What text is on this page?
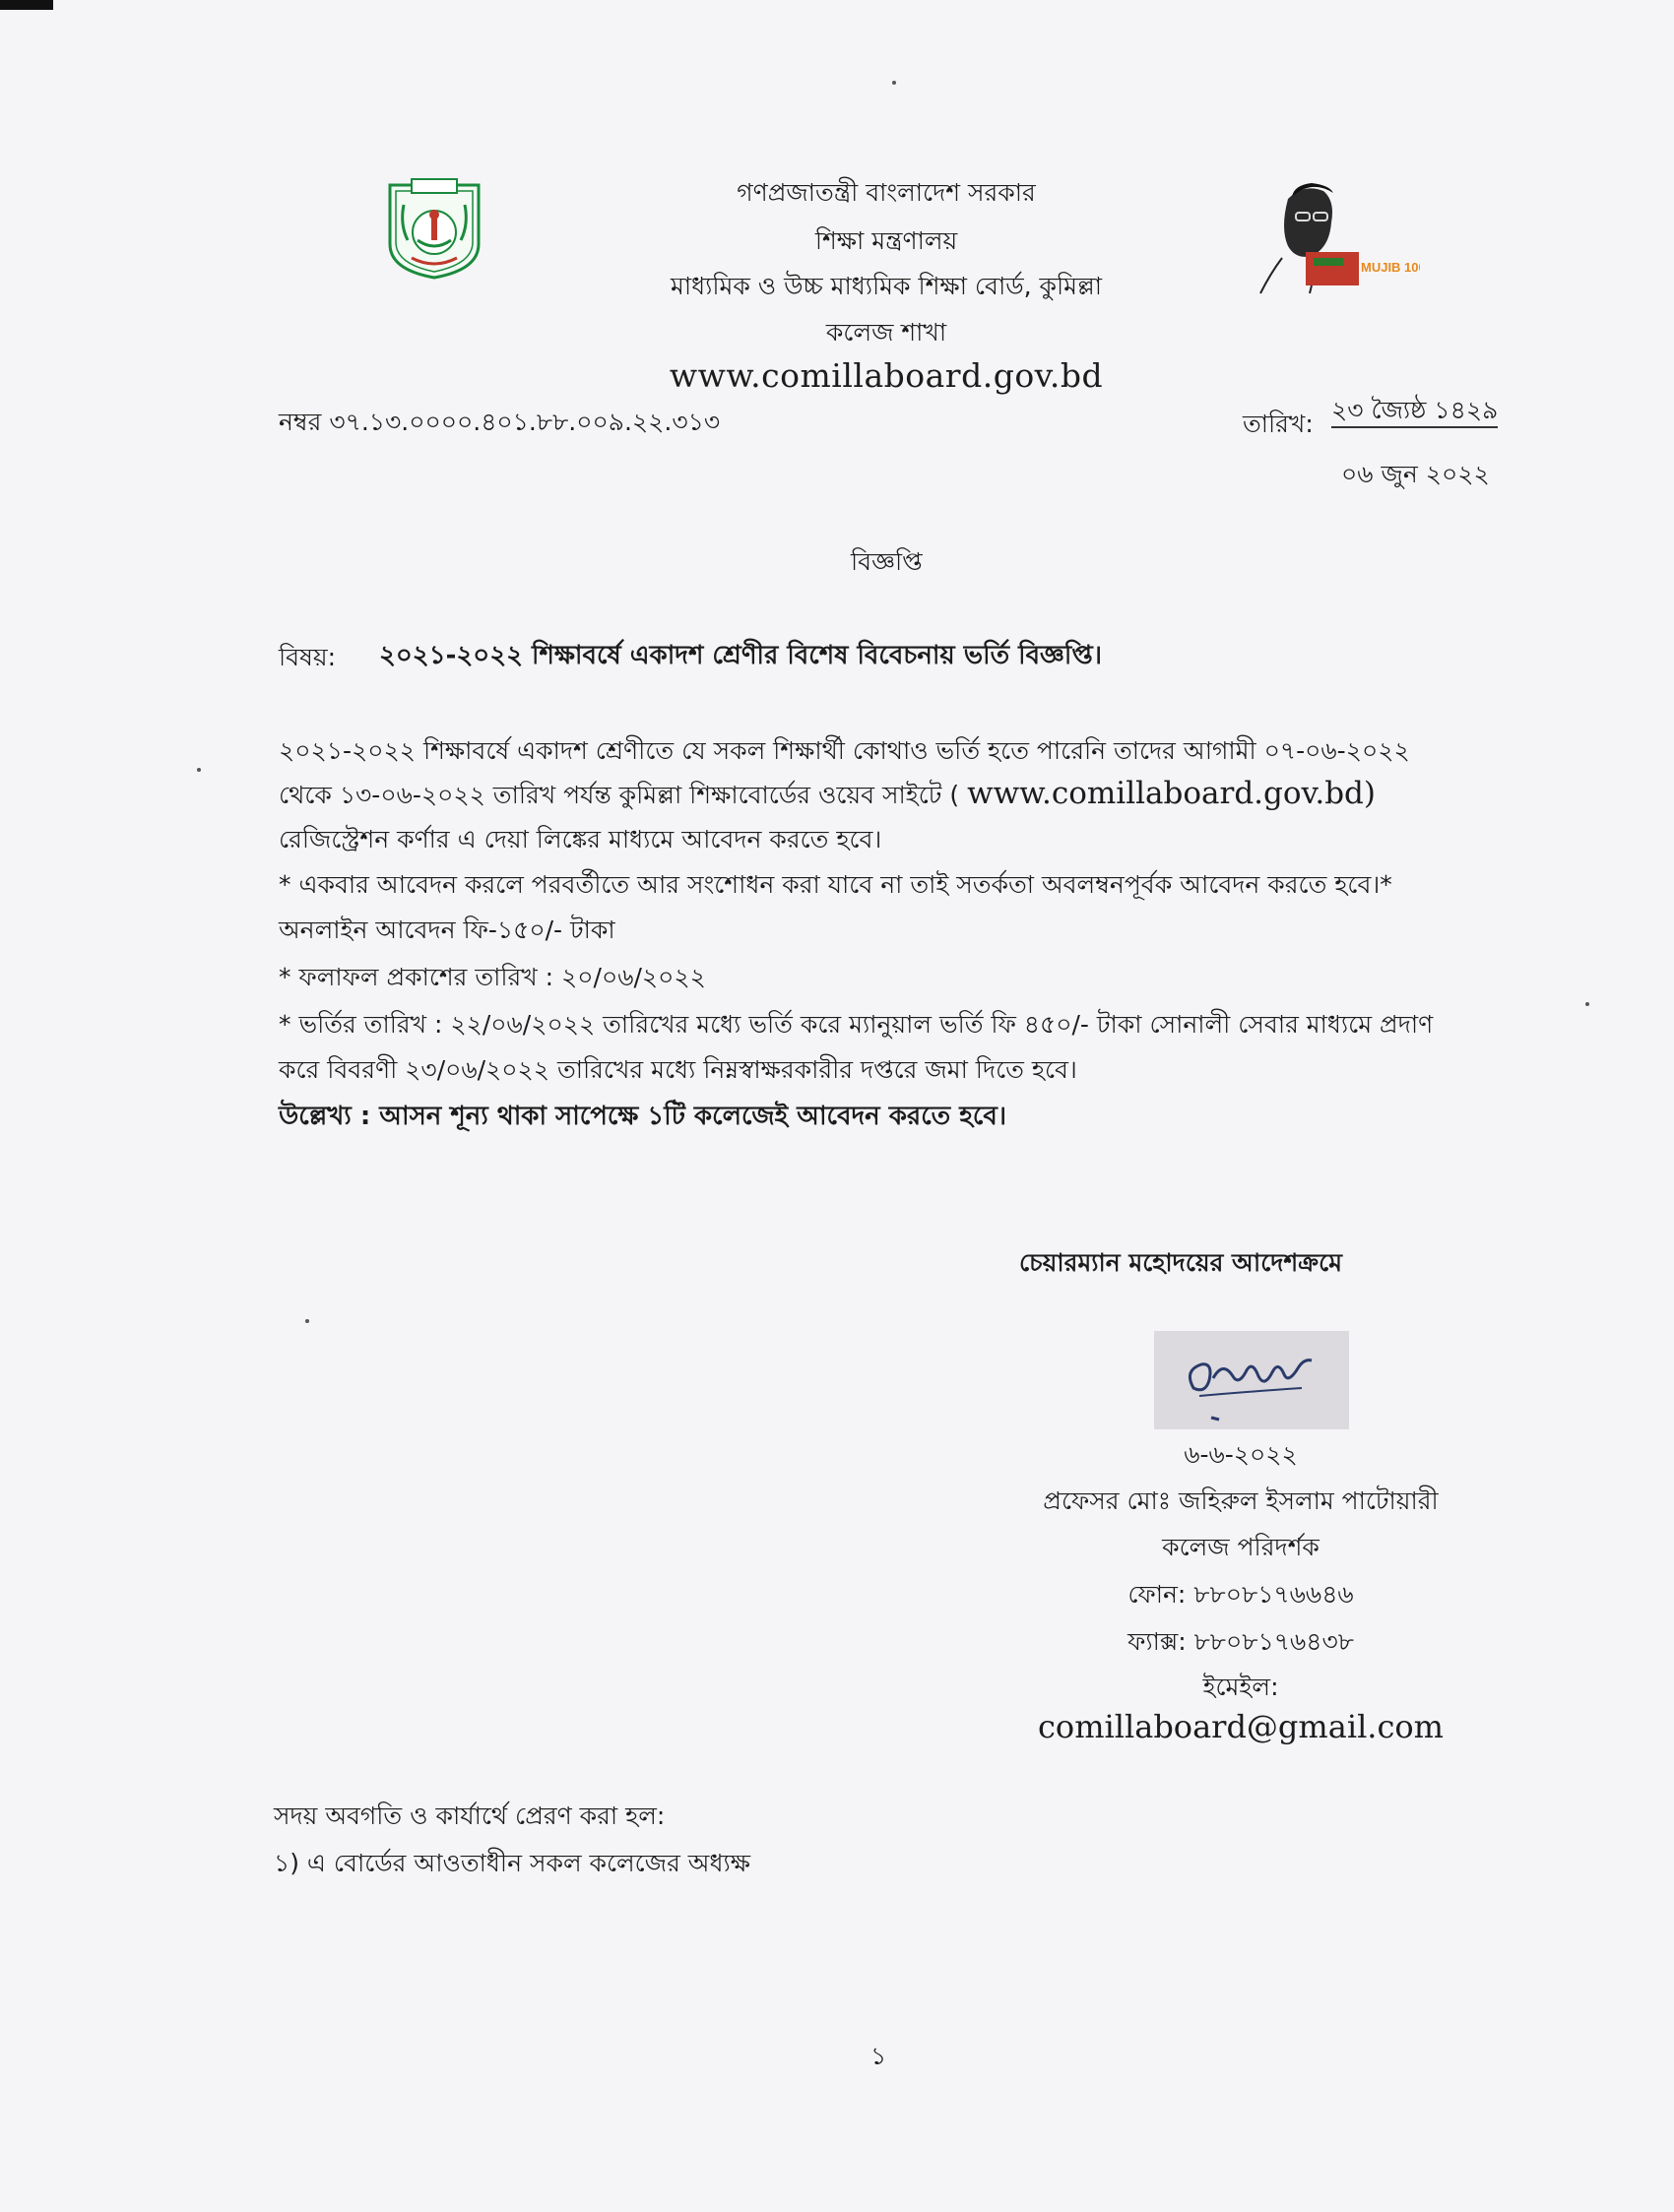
MUJIB 100
গণপ্রজাতন্ত্রী বাংলাদেশ সরকার
শিক্ষা মন্ত্রণালয়
মাধ্যমিক ও উচ্চ মাধ্যমিক শিক্ষা বোর্ড, কুমিল্লা
কলেজ শাখা
www.comillaboard.gov.bd
নম্বর ৩৭.১৩.০০০০.৪০১.৮৮.০০৯.২২.৩১৩	তারিখ: ২৩ জ্যৈষ্ঠ ১৪২৯
০৬ জুন ২০২২
বিজ্ঞপ্তি
বিষয়: ২০২১-২০২২ শিক্ষাবর্ষে একাদশ শ্রেণীর বিশেষ বিবেচনায় ভর্তি বিজ্ঞপ্তি।
২০২১-২০২২ শিক্ষাবর্ষে একাদশ শ্রেণীতে যে সকল শিক্ষার্থী কোথাও ভর্তি হতে পারেনি তাদের আগামী ০৭-০৬-২০২২
থেকে ১৩-০৬-২০২২ তারিখ পর্যন্ত কুমিল্লা শিক্ষাবোর্ডের ওয়েব সাইটে ( www.comillaboard.gov.bd)
রেজিস্ট্রেশন কর্ণার এ দেয়া লিঙ্কের মাধ্যমে আবেদন করতে হবে।
* একবার আবেদন করলে পরবর্তীতে আর সংশোধন করা যাবে না তাই সতর্কতা অবলম্বনপূর্বক আবেদন করতে হবে।*
অনলাইন আবেদন ফি-১৫০/- টাকা
* ফলাফল প্রকাশের তারিখ : ২০/০৬/২০২২
* ভর্তির তারিখ : ২২/০৬/২০২২ তারিখের মধ্যে ভর্তি করে ম্যানুয়াল ভর্তি ফি ৪৫০/- টাকা সোনালী সেবার মাধ্যমে প্রদাণ
করে বিবরণী ২৩/০৬/২০২২ তারিখের মধ্যে নিম্নস্বাক্ষরকারীর দপ্তরে জমা দিতে হবে।
উল্লেখ্য : আসন শূন্য থাকা সাপেক্ষে ১টি কলেজেই আবেদন করতে হবে।
চেয়ারম্যান মহোদয়ের আদেশক্রমে
৬-৬-২০২২
প্রফেসর মোঃ জহিরুল ইসলাম পাটোয়ারী
কলেজ পরিদর্শক
ফোন: ৮৮০৮১৭৬৬৪৬
ফ্যাক্স: ৮৮০৮১৭৬৪৩৮
ইমেইল:
comillaboard@gmail.com
সদয় অবগতি ও কার্যার্থে প্রেরণ করা হল:
১) এ বোর্ডের আওতাধীন সকল কলেজের অধ্যক্ষ
১
